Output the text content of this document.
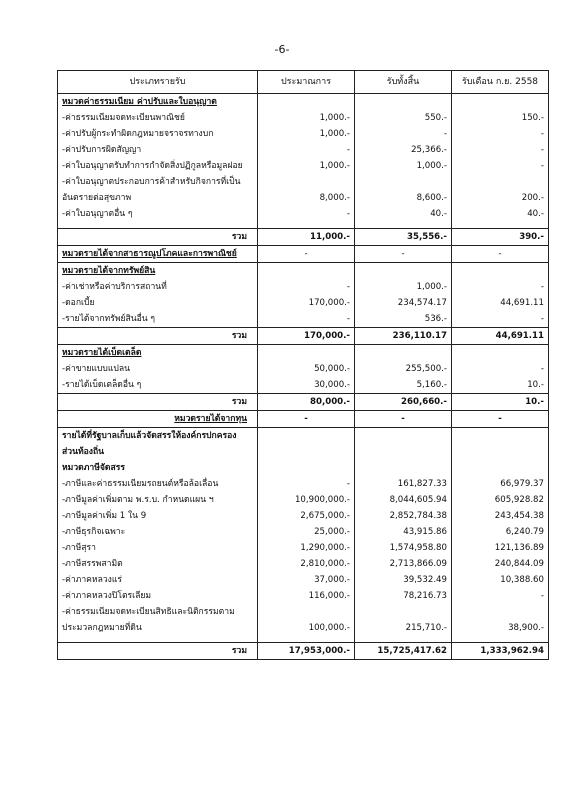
-6-
ประเภทรายรับ	ประมาณการ	รับทั้งสิ้น	รับเดือน ก.ย. 2558
หมวดค่าธรรมเนียม ค่าปรับและใบอนุญาต			
-ค่าธรรมเนียมจดทะเบียนพาณิชย์	1,000.-	550.-	150.-
-ค่าปรับผู้กระทำผิดกฎหมายจราจรทางบก	1,000.-	-	-
-ค่าปรับการผิดสัญญา	-	25,366.-	-
-ค่าใบอนุญาตรับทำการกำจัดสิ่งปฏิกูลหรือมูลฝอย	1,000.-	1,000.-	-
-ค่าใบอนุญาตประกอบการค้าสำหรับกิจการที่เป็น			
อันตรายต่อสุขภาพ	8,000.-	8,600.-	200.-
-ค่าใบอนุญาตอื่น ๆ	-	40.-	40.-

รวม	11,000.-	35,556.-	390.-
หมวดรายได้จากสาธารณูปโภคและการพาณิชย์	-	-	-
หมวดรายได้จากทรัพย์สิน			
-ค่าเช่าหรือค่าบริการสถานที่	-	1,000.-	-
-ดอกเบี้ย	170,000.-	234,574.17	44,691.11
-รายได้จากทรัพย์สินอื่น ๆ	-	536.-	-
รวม	170,000.-	236,110.17	44,691.11
หมวดรายได้เบ็ดเตล็ด			
-ค่าขายแบบแปลน	50,000.-	255,500.-	-
-รายได้เบ็ดเตล็ดอื่น ๆ	30,000.-	5,160.-	10.-
รวม	80,000.-	260,660.-	10.-
หมวดรายได้จากทุน	-	-	-
รายได้ที่รัฐบาลเก็บแล้วจัดสรรให้องค์กรปกครอง			
ส่วนท้องถิ่น			
หมวดภาษีจัดสรร			
-ภาษีและค่าธรรมเนียมรถยนต์หรือล้อเลื่อน	-	161,827.33	66,979.37
-ภาษีมูลค่าเพิ่มตาม พ.ร.บ. กำหนดแผน ฯ	10,900,000.-	8,044,605.94	605,928.82
-ภาษีมูลค่าเพิ่ม 1 ใน 9	2,675,000.-	2,852,784.38	243,454.38
-ภาษีธุรกิจเฉพาะ	25,000.-	43,915.86	6,240.79
-ภาษีสุรา	1,290,000.-	1,574,958.80	121,136.89
-ภาษีสรรพสามิต	2,810,000.-	2,713,866.09	240,844.09
-ค่าภาคหลวงแร่	37,000.-	39,532.49	10,388.60
-ค่าภาคหลวงปิโตรเลียม	116,000.-	78,216.73	-
-ค่าธรรมเนียมจดทะเบียนสิทธิและนิติกรรมตาม			
ประมวลกฎหมายที่ดิน	100,000.-	215,710.-	38,900.-

รวม	17,953,000.-	15,725,417.62	1,333,962.94
